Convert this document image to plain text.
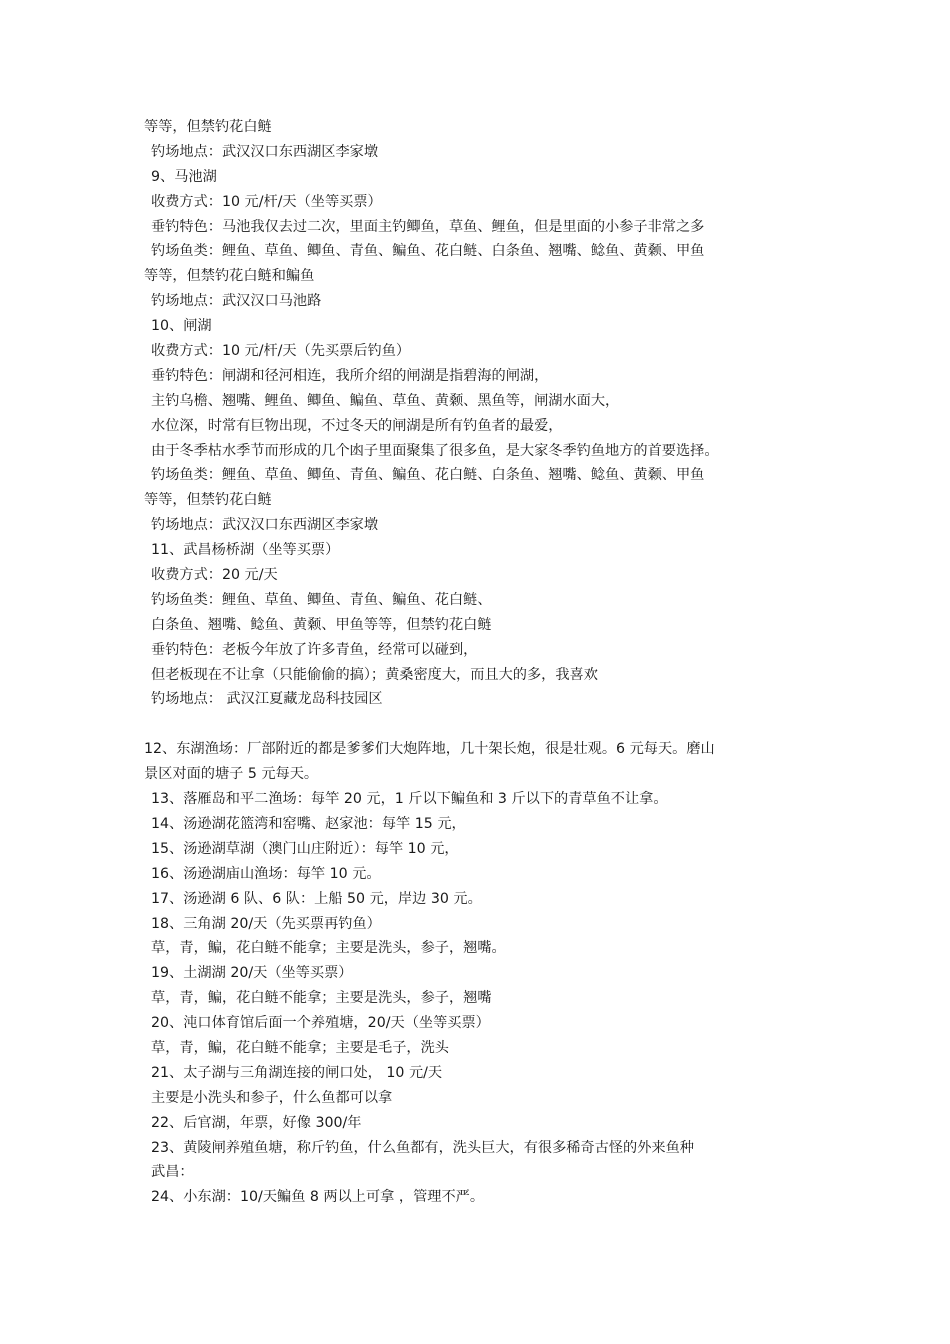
等等，但禁钓花白鲢
钓场地点：武汉汉口东西湖区李家墩
9、马池湖
收费方式：10 元/杆/天（坐等买票）
垂钓特色：马池我仅去过二次，里面主钓鲫鱼，草鱼、鲤鱼，但是里面的小参子非常之多
钓场鱼类：鲤鱼、草鱼、鲫鱼、青鱼、鳊鱼、花白鲢、白条鱼、翘嘴、鲶鱼、黄颡、甲鱼
等等，但禁钓花白鲢和鳊鱼
钓场地点：武汉汉口马池路
10、闸湖
收费方式：10 元/杆/天（先买票后钓鱼）
垂钓特色：闸湖和径河相连，我所介绍的闸湖是指碧海的闸湖，
主钓乌檐、翘嘴、鲤鱼、鲫鱼、鳊鱼、草鱼、黄颡、黑鱼等，闸湖水面大，
水位深，时常有巨物出现，不过冬天的闸湖是所有钓鱼者的最爱，
由于冬季枯水季节而形成的几个凼子里面聚集了很多鱼，是大家冬季钓鱼地方的首要选择。
钓场鱼类：鲤鱼、草鱼、鲫鱼、青鱼、鳊鱼、花白鲢、白条鱼、翘嘴、鲶鱼、黄颡、甲鱼
等等，但禁钓花白鲢
钓场地点：武汉汉口东西湖区李家墩
11、武昌杨桥湖（坐等买票）
收费方式：20 元/天
钓场鱼类：鲤鱼、草鱼、鲫鱼、青鱼、鳊鱼、花白鲢、
白条鱼、翘嘴、鲶鱼、黄颡、甲鱼等等，但禁钓花白鲢
垂钓特色：老板今年放了许多青鱼，经常可以碰到，
但老板现在不让拿（只能偷偷的搞）；黄桑密度大，而且大的多，我喜欢
钓场地点： 武汉江夏藏龙岛科技园区
12、东湖渔场：厂部附近的都是爹爹们大炮阵地，几十架长炮，很是壮观。6 元每天。磨山
景区对面的塘子 5 元每天。
13、落雁岛和平二渔场：每竿 20 元，1 斤以下鳊鱼和 3 斤以下的青草鱼不让拿。
14、汤逊湖花篮湾和窑嘴、赵家池：每竿 15 元，
15、汤逊湖草湖（澳门山庄附近）：每竿 10 元，
16、汤逊湖庙山渔场：每竿 10 元。
17、汤逊湖 6 队、6 队：上船 50 元，岸边 30 元。
18、三角湖 20/天（先买票再钓鱼）
草，青，鳊，花白鲢不能拿；主要是洗头，参子，翘嘴。
19、土湖湖 20/天（坐等买票）
草，青，鳊，花白鲢不能拿；主要是洗头，参子，翘嘴
20、沌口体育馆后面一个养殖塘，20/天（坐等买票）
草，青，鳊，花白鲢不能拿；主要是毛子，洗头
21、太子湖与三角湖连接的闸口处， 10 元/天
主要是小洗头和参子，什么鱼都可以拿
22、后官湖，年票，好像 300/年
23、黄陵闸养殖鱼塘，称斤钓鱼，什么鱼都有，洗头巨大，有很多稀奇古怪的外来鱼种
武昌：
24、小东湖：10/天鳊鱼 8 两以上可拿 ，管理不严。
